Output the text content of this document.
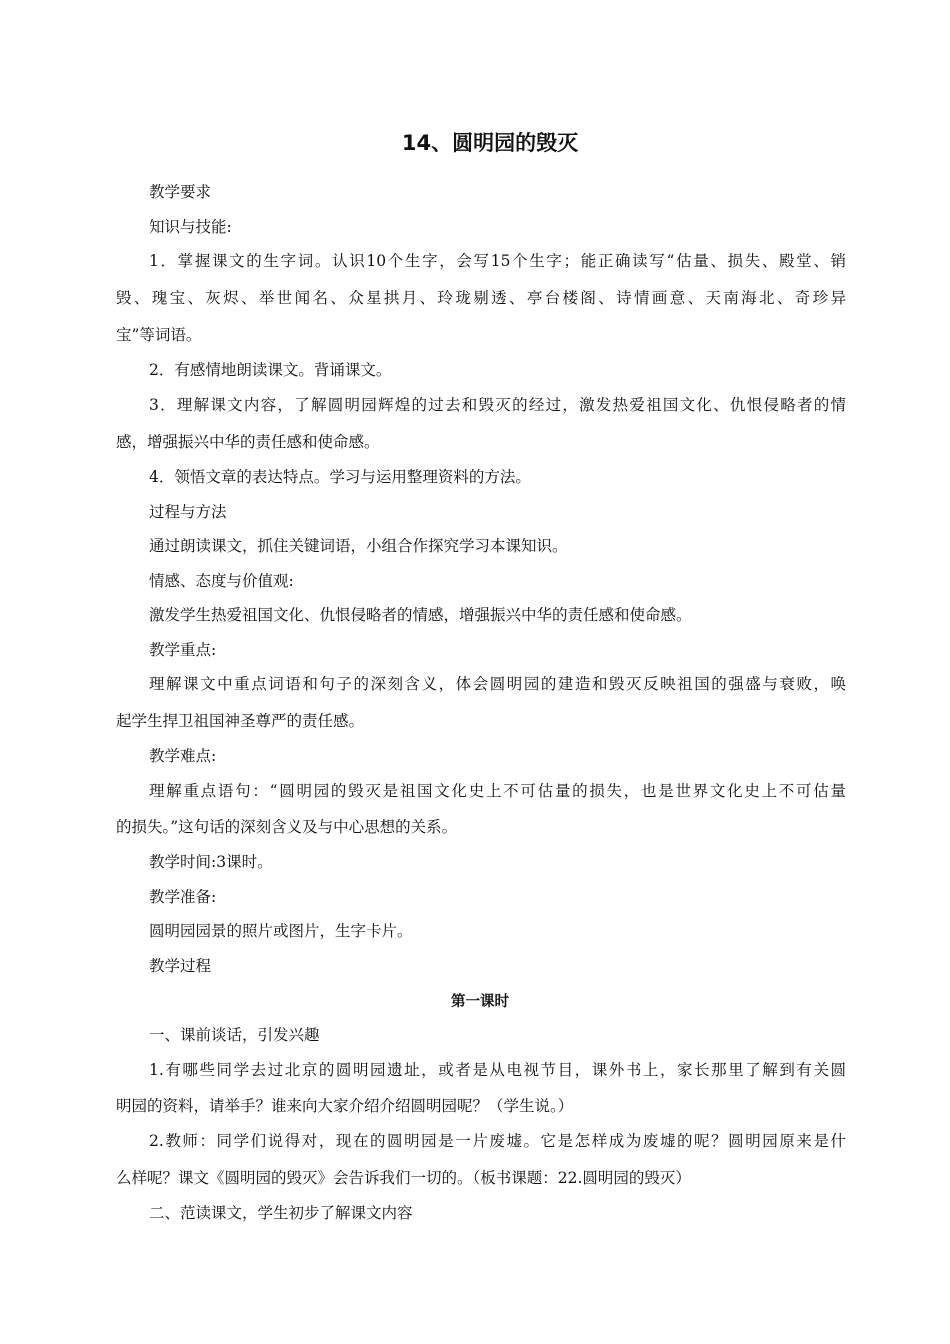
14、圆明园的毁灭

教学要求

知识与技能:

1．掌握课文的生字词。认识10个生字，会写15个生字；能正确读写“估量、损失、殿堂、销

毁、瑰宝、灰烬、举世闻名、众星拱月、玲珑剔透、亭台楼阁、诗情画意、天南海北、奇珍异

宝”等词语。

2．有感情地朗读课文。背诵课文。

3．理解课文内容，了解圆明园辉煌的过去和毁灭的经过，激发热爱祖国文化、仇恨侵略者的情

感，增强振兴中华的责任感和使命感。

4．领悟文章的表达特点。学习与运用整理资料的方法。

过程与方法

通过朗读课文，抓住关键词语，小组合作探究学习本课知识。

情感、态度与价值观:

激发学生热爱祖国文化、仇恨侵略者的情感，增强振兴中华的责任感和使命感。

教学重点:

理解课文中重点词语和句子的深刻含义，体会圆明园的建造和毁灭反映祖国的强盛与衰败，唤

起学生捍卫祖国神圣尊严的责任感。

教学难点:

理解重点语句：“圆明园的毁灭是祖国文化史上不可估量的损失，也是世界文化史上不可估量

的损失。”这句话的深刻含义及与中心思想的关系。

教学时间:3课时。

教学准备:

圆明园园景的照片或图片，生字卡片。

教学过程

第一课时

一、课前谈话，引发兴趣

1.有哪些同学去过北京的圆明园遗址，或者是从电视节目，课外书上，家长那里了解到有关圆

明园的资料，请举手？谁来向大家介绍介绍圆明园呢？（学生说。）

2.教师：同学们说得对，现在的圆明园是一片废墟。它是怎样成为废墟的呢？圆明园原来是什

么样呢？课文《圆明园的毁灭》会告诉我们一切的。（板书课题：22.圆明园的毁灭）

二、范读课文，学生初步了解课文内容
